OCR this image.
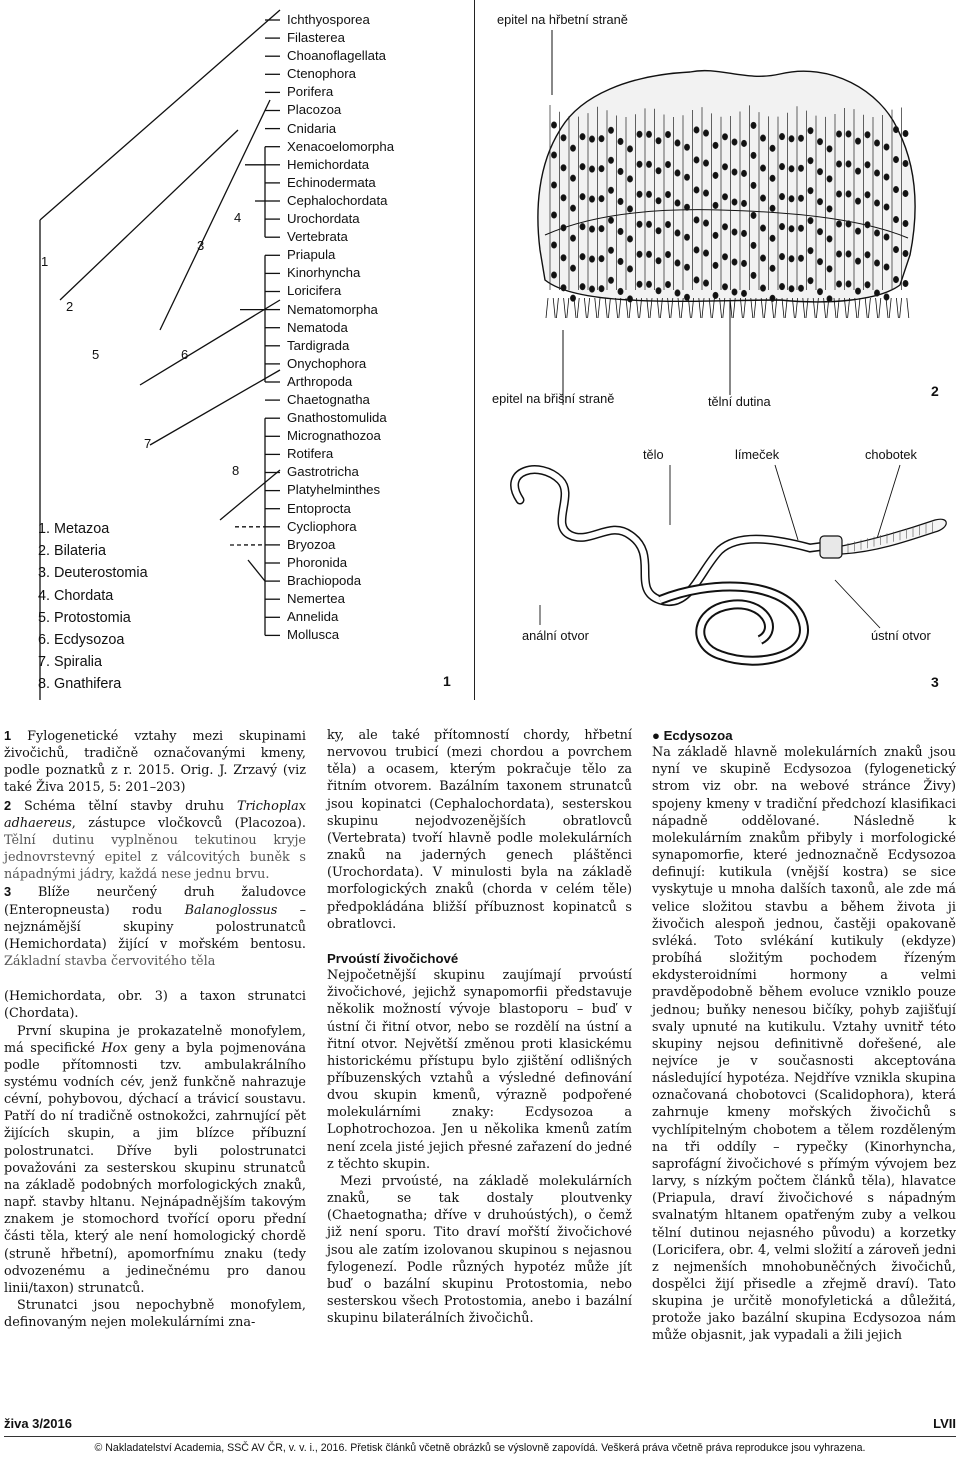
Ichthyosporea
Filasterea
Choanoflagellata
Ctenophora
Porifera
Placozoa
Cnidaria
Xenacoelomorpha
Hemichordata
Echinodermata
Cephalochordata
Urochordata
Vertebrata
Priapula
Kinorhyncha
Loricifera
Nematomorpha
Nematoda
Tardigrada
Onychophora
Arthropoda
Chaetognatha
Gnathostomulida
Micrognathozoa
Rotifera
Gastrotricha
Platyhelminthes
Entoprocta
Cycliophora
Bryozoa
Phoronida
Brachiopoda
Nemertea
Annelida
Mollusca
1
2
3
4
5	6
7
8
1. Metazoa
2. Bilateria
3. Deuterostomia
4. Chordata
5. Protostomia
6. Ecdysozoa
7. Spiralia
8. Gnathifera	1
epitel na hřbetní straně
epitel na břišní straně	tělní dutina
2
tělo	límeček	chobotek
anální otvor	ústní otvor
3

1 Fylogenetické vztahy mezi skupinami živočichů, tradičně označovanými kmeny, podle poznatků z r. 2015. Orig. J. Zrzavý (viz také Živa 2015, 5: 201–203)

2 Schéma tělní stavby druhu Trichoplax adhaereus, zástupce vločkovců (Placozoa). Tělní dutinu vyplněnou tekutinou kryje jednovrstevný epitel z válcovitých buněk s nápadnými jádry, každá nese jednu brvu.

3 Blíže neurčený druh žaludovce (Enteropneusta) rodu Balanoglossus – nejznámější skupiny polostrunatců (Hemichordata) žijící v mořském bentosu. Základní stavba červovitého těla

(Hemichordata, obr. 3) a taxon strunatci (Chordata).

První skupina je prokazatelně monofylem, má specifické Hox geny a byla pojmenována podle přítomnosti tzv. ambulakrálního systému vodních cév, jenž funkčně nahrazuje cévní, pohybovou, dýchací a trávicí soustavu. Patří do ní tradičně ostnokožci, zahrnující pět žijících skupin, a jim blízce příbuzní polostrunatci. Dříve byli polostrunatci považováni za sesterskou skupinu strunatců na základě podobných morfologických znaků, např. stavby hltanu. Nejnápadnějším takovým znakem je stomochord tvořící oporu přední části těla, který ale není homologický chordě (struně hřbetní), apomorfnímu znaku (tedy odvozenému a jedinečnému pro danou linii/taxon) strunatců.

Strunatci jsou nepochybně monofylem, definovaným nejen molekulárními zna-

ky, ale také přítomností chordy, hřbetní nervovou trubicí (mezi chordou a povrchem těla) a ocasem, kterým pokračuje tělo za řitním otvorem. Bazálním taxonem strunatců jsou kopinatci (Cephalochordata), sesterskou skupinu nejodvozenějších obratlovců (Vertebrata) tvoří hlavně podle molekulárních znaků na jaderných genech pláštěnci (Urochordata). V minulosti byla na základě morfologických znaků (chorda v celém těle) předpokládána bližší příbuznost kopinatců s obratlovci.

Prvoústí živočichové

Nejpočetnější skupinu zaujímají prvoústí živočichové, jejichž synapomorfii představuje několik možností vývoje blastoporu – buď v ústní či řitní otvor, nebo se rozdělí na ústní a řitní otvor. Největší změnou proti klasickému historickému přístupu bylo zjištění odlišných příbuzenských vztahů a výsledné definování dvou skupin kmenů, výrazně podpořené molekulárními znaky: Ecdysozoa a Lophotrochozoa. Jen u několika kmenů zatím není zcela jisté jejich přesné zařazení do jedné z těchto skupin.

Mezi prvoústé, na základě molekulárních znaků, se tak dostaly ploutvenky (Chaetognatha; dříve v druhoústých), o čemž již není sporu. Tito draví mořští živočichové jsou ale zatím izolovanou skupinou s nejasnou fylogenezí. Podle různých hypotéz může jít buď o bazální skupinu Protostomia, nebo sesterskou všech Protostomia, anebo i bazální skupinu bilaterálních živočichů.

● Ecdysozoa

Na základě hlavně molekulárních znaků jsou nyní ve skupině Ecdysozoa (fylogenetický strom viz obr. na webové stránce Živy) spojeny kmeny v tradiční předchozí klasifikaci nápadně oddělované. Následně k molekulárním znakům přibyly i morfologické synapomorfie, které jednoznačně Ecdysozoa definují: kutikula (vnější kostra) se sice vyskytuje u mnoha dalších taxonů, ale zde má velice složitou stavbu a během života ji živočich alespoň jednou, častěji opakovaně svléká. Toto svlékání kutikuly (ekdyze) probíhá složitým pochodem řízeným ekdysteroidními hormony a velmi pravděpodobně během evoluce vzniklo pouze jednou; buňky nenesou bičíky, pohyb zajišťují svaly upnuté na kutikulu. Vztahy uvnitř této skupiny nejsou definitivně dořešené, ale nejvíce je v současnosti akceptována následující hypotéza. Nejdříve vznikla skupina označovaná chobotovci (Scalidophora), která zahrnuje kmeny mořských živočichů s vychlípitelným chobotem a tělem rozděleným na tři oddíly – rypečky (Kinorhyncha, saprofágní živočichové s přímým vývojem bez larvy, s nízkým počtem článků těla), hlavatce (Priapula, draví živočichové s nápadným svalnatým hltanem opatřeným zuby a velkou tělní dutinou nejasného původu) a korzetky (Loricifera, obr. 4, velmi složití a zároveň jedni z nejmenších mnohobuněčných živočichů, dospělci žijí přisedle a zřejmě draví). Tato skupina je určitě monofyletická a důležitá, protože jako bazální skupina Ecdysozoa nám může objasnit, jak vypadali a žili jejich

živa 3/2016	LVII
© Nakladatelství Academia, SSČ AV ČR, v. v. i., 2016. Přetisk článků včetně obrázků se výslovně zapovídá. Veškerá práva včetně práva reprodukce jsou vyhrazena.
